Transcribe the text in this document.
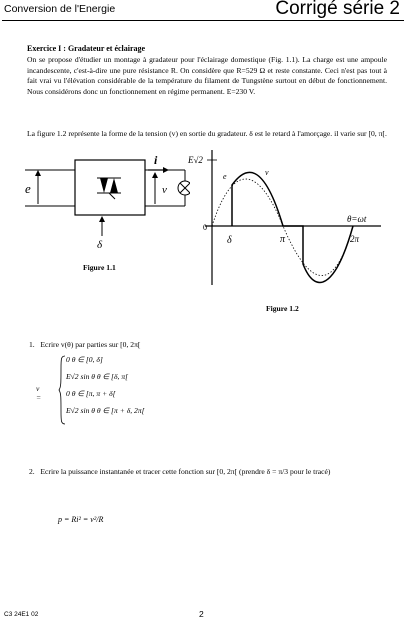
Conversion de l'Energie	Corrigé série 2
Exercice I : Gradateur et éclairage
On se propose d'étudier un montage à gradateur pour l'éclairage domestique (Fig. 1.1). La charge est une ampoule incandescente, c'est-à-dire une pure résistance R. On considère que R=529 Ω et reste constante. Ceci n'est pas tout à fait vrai vu l'élévation considérable de la température du filament de Tungstène surtout en début de fonctionnement. Nous considérons donc un fonctionnement en régime permanent. E=230 V.
La figure 1.2 représente la forme de la tension (v) en sortie du gradateur. δ est le retard à l'amorçage. il varie sur [0, π[.
e
i
v
δ
Figure 1.1
E√2
e	v
0
δ	π	2π
θ=ωt
Figure 1.2
1. Ecrire v(θ) par parties sur [0, 2π[
v =
0 θ ∈ [0, δ]
E√2 sin θ θ ∈ [δ, π[
0 θ ∈ [π, π + δ[
E√2 sin θ θ ∈ [π + δ, 2π[
2. Ecrire la puissance instantanée et tracer cette fonction sur [0, 2π[ (prendre δ = π/3 pour le tracé)
p = Ri² = v²/R
C3 24E1 02	2
